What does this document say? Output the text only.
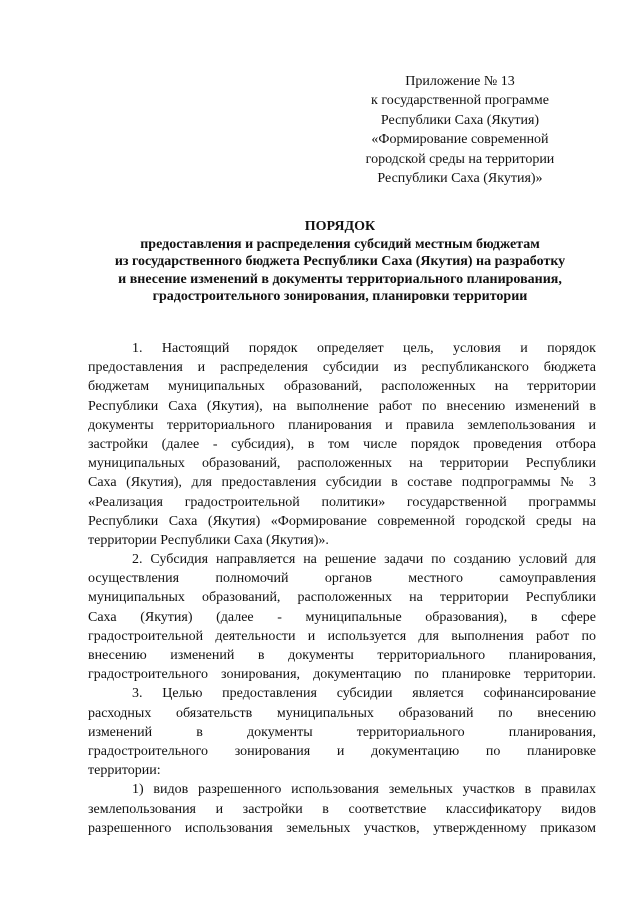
Приложение № 13
к государственной программе
Республики Саха (Якутия)
«Формирование современной
городской среды на территории
Республики Саха (Якутия)»
ПОРЯДОК
предоставления и распределения субсидий местным бюджетам
из государственного бюджета Республики Саха (Якутия) на разработку
и внесение изменений в документы территориального планирования,
градостроительного зонирования, планировки территории
1. Настоящий порядок определяет цель, условия и порядок
предоставления и распределения субсидии из республиканского бюджета
бюджетам муниципальных образований, расположенных на территории
Республики Саха (Якутия), на выполнение работ по внесению изменений в
документы территориального планирования и правила землепользования и
застройки (далее - субсидия), в том числе порядок проведения отбора
муниципальных образований, расположенных на территории Республики
Саха (Якутия), для предоставления субсидии в составе подпрограммы № 3
«Реализация градостроительной политики» государственной программы
Республики Саха (Якутия) «Формирование современной городской среды на
территории Республики Саха (Якутия)».
2. Субсидия направляется на решение задачи по созданию условий для
осуществления полномочий органов местного самоуправления
муниципальных образований, расположенных на территории Республики
Саха (Якутия) (далее - муниципальные образования), в сфере
градостроительной деятельности и используется для выполнения работ по
внесению изменений в документы территориального планирования,
градостроительного зонирования, документацию по планировке территории.
3. Целью предоставления субсидии является софинансирование
расходных обязательств муниципальных образований по внесению
изменений в документы территориального планирования,
градостроительного зонирования и документацию по планировке
территории:
1) видов разрешенного использования земельных участков в правилах
землепользования и застройки в соответствие классификатору видов
разрешенного использования земельных участков, утвержденному приказом
